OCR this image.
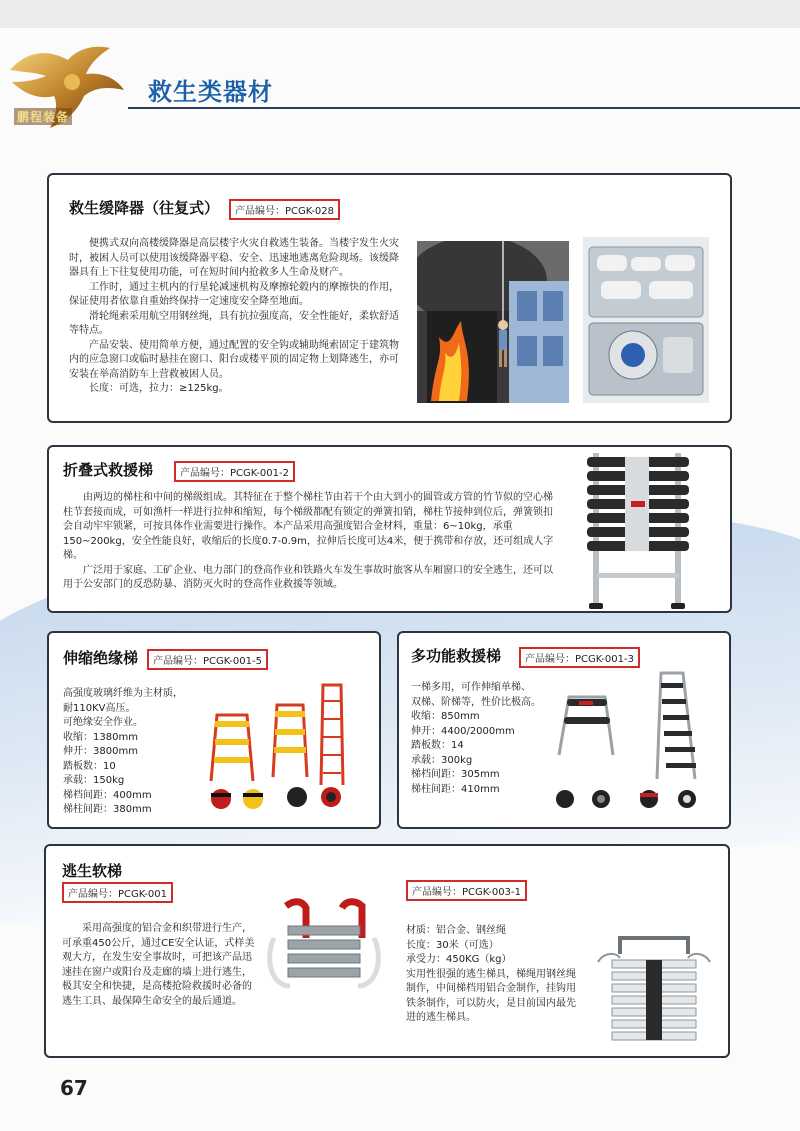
鹏程装备
救生类器材
救生缓降器（往复式）	产品编号：PCGK-028

便携式双向高楼缓降器是高层楼宇火灾自救逃生装备。当楼宇发生火灾时，被困人员可以使用该缓降器平稳、安全、迅速地逃离危险现场。该缓降器具有上下往复使用功能，可在短时间内抢救多人生命及财产。

工作时，通过主机内的行星轮减速机构及摩擦轮毂内的摩擦快的作用，保证使用者依靠自重始终保持一定速度安全降至地面。

滑轮绳索采用航空用钢丝绳，具有抗拉强度高，安全性能好，柔软舒适等特点。

产品安装、使用简单方便，通过配置的安全钩或辅助绳索固定于建筑物内的应急窗口或临时悬挂在窗口、阳台或楼平顶的固定物上划降逃生，亦可安装在举高消防车上营救被困人员。

长度：可选，拉力：≥125kg。

折叠式救援梯	产品编号：PCGK-001-2

由两边的梯柱和中间的梯级组成。其特征在于整个梯柱节由若干个由大到小的圆管或方管的竹节似的空心梯柱节套接而成，可如渔杆一样进行拉伸和缩短，每个梯级都配有锁定的弹簧扣销，梯柱节接伸到位后，弹簧锁扣会自动牢牢锁紧，可按具体作业需要进行操作。本产品采用高强度铝合金材料，重量：6~10kg，承重150~200kg，安全性能良好，收缩后的长度0.7-0.9m，拉伸后长度可达4米，便于携带和存放，还可组成人字梯。

广泛用于家庭、工矿企业、电力部门的登高作业和铁路火车发生事故时旅客从车厢窗口的安全逃生，还可以用于公安部门的反恐防暴、消防灭火时的登高作业救援等领域。

伸缩绝缘梯	产品编号：PCGK-001-5
高强度玻璃纤维为主材质，
耐110KV高压。
可绝缘安全作业。
收缩：1380mm
伸开：3800mm
踏板数：10
承载：150kg
梯档间距：400mm
梯柱间距：380mm
多功能救援梯	产品编号：PCGK-001-3
一梯多用，可作伸缩单梯、
双梯、阶梯等，性价比极高。
收缩：850mm
伸开：4400/2000mm
踏板数：14
承载：300kg
梯档间距：305mm
梯柱间距：410mm
逃生软梯
产品编号：PCGK-001

采用高强度的铝合金和织带进行生产，可承重450公斤，通过CE安全认证，式样美观大方，在发生安全事故时，可把该产品迅速挂在窗户或阳台及走廊的墙上进行逃生，极其安全和快捷，是高楼抢险救援时必备的逃生工具、最保障生命安全的最后通道。

产品编号：PCGK-003-1
材质：铝合金、钢丝绳
长度：30米（可选）
承受力：450KG（kg）
实用性很强的逃生梯具，梯绳用钢丝绳制作，中间梯档用铝合金制作，挂钩用铁条制作，可以防火，是目前国内最先进的逃生梯具。
67
